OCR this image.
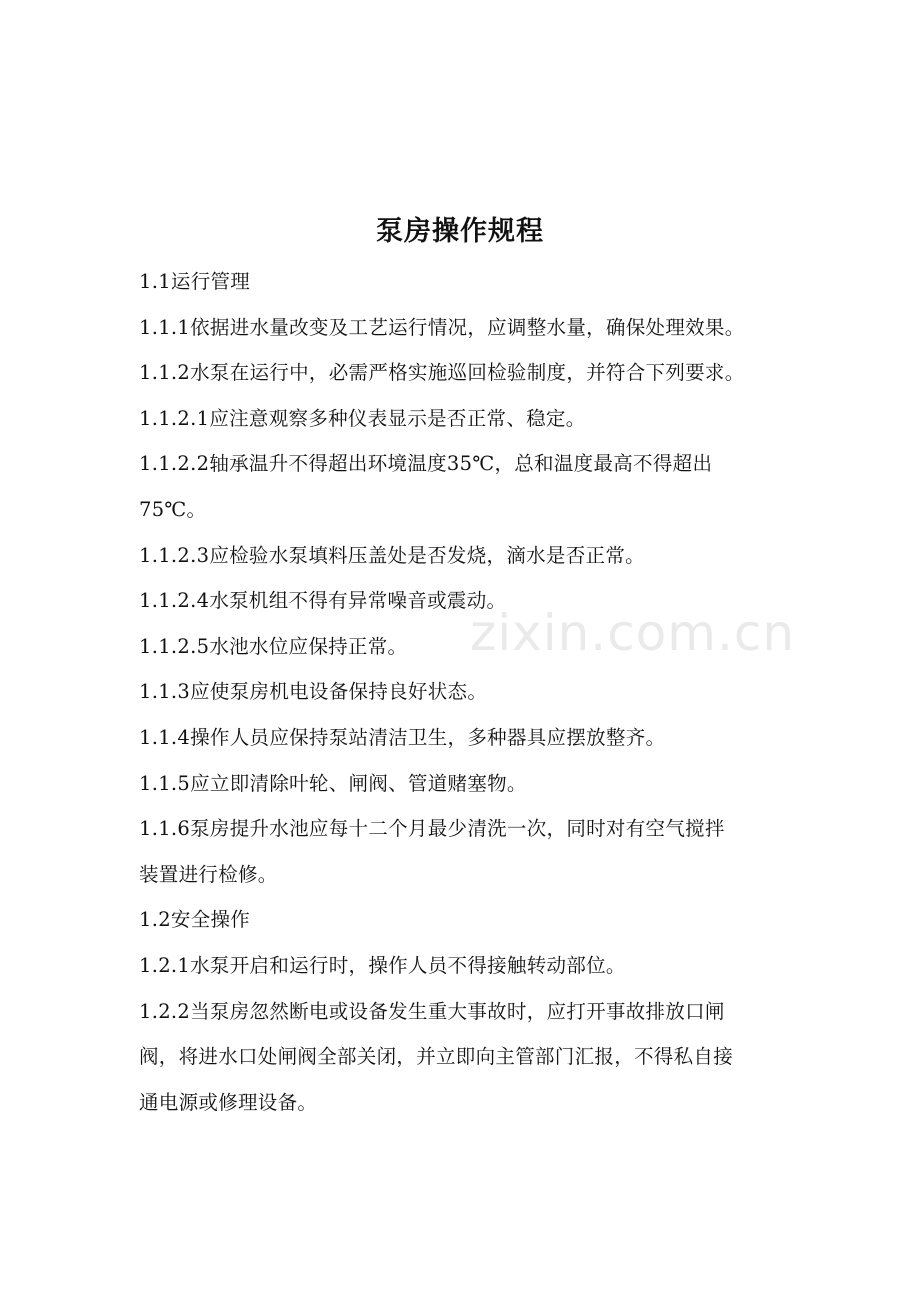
泵房操作规程
1.1运行管理
1.1.1依据进水量改变及工艺运行情况，应调整水量，确保处理效果。
1.1.2水泵在运行中，必需严格实施巡回检验制度，并符合下列要求。
1.1.2.1应注意观察多种仪表显示是否正常、稳定。
1.1.2.2轴承温升不得超出环境温度35℃，总和温度最高不得超出
75℃。
1.1.2.3应检验水泵填料压盖处是否发烧，滴水是否正常。
1.1.2.4水泵机组不得有异常噪音或震动。
1.1.2.5水池水位应保持正常。
1.1.3应使泵房机电设备保持良好状态。
1.1.4操作人员应保持泵站清洁卫生，多种器具应摆放整齐。
1.1.5应立即清除叶轮、闸阀、管道赌塞物。
1.1.6泵房提升水池应每十二个月最少清洗一次，同时对有空气搅拌
装置进行检修。
1.2安全操作
1.2.1水泵开启和运行时，操作人员不得接触转动部位。
1.2.2当泵房忽然断电或设备发生重大事故时，应打开事故排放口闸
阀，将进水口处闸阀全部关闭，并立即向主管部门汇报，不得私自接
通电源或修理设备。
zixin.com.cn
